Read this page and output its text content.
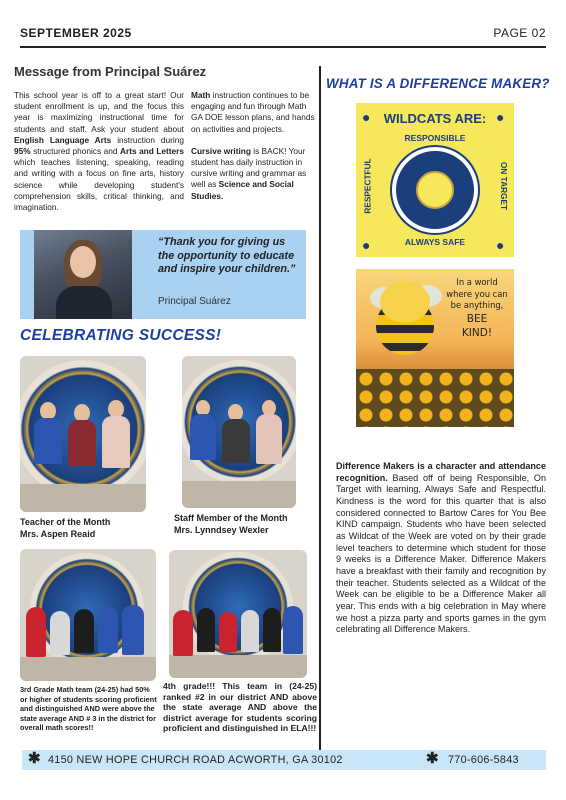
SEPTEMBER 2025	PAGE 02
Message from Principal Suárez
This school year is off to a great start! Our student enrollment is up, and the focus this year is maximizing instructional time for students and staff. Ask your student about English Language Arts instruction during 95% structured phonics and Arts and Letters which teaches listening, speaking, reading and writing with a focus on fine arts, history science while developing student's comprehension skills, critical thinking, and imagination.

Math instruction continues to be engaging and fun through Math GA DOE lesson plans, and hands on activities and projects.

Cursive writing is BACK! Your student has daily instruction in cursive writing and grammar as well as Science and Social Studies.

“Thank you for giving us the opportunity to educate and inspire your children.”
Principal Suárez
CELEBRATING SUCCESS!
Teacher of the Month
Mrs. Aspen Reaid
Staff Member of the Month
Mrs. Lynndsey Wexler
3rd Grade Math team (24-25) had 50% or higher of students scoring proficient and distinguished AND were above the state average AND # 3 in the district for overall math scores!!
4th grade!!! This team in (24-25) ranked #2 in our district AND above the state average AND above the district average for students scoring proficient and distinguished in ELA!!!
WHAT IS A DIFFERENCE MAKER?
●	●
●	●
WILDCATS ARE:
RESPONSIBLE
RESPECTFUL	ON TARGET
ALWAYS SAFE
In a world
where you can
be anything,
BEE
KIND!
Difference Makers is a character and attendance recognition. Based off of being Responsible, On Target with learning, Always Safe and Respectful. Kindness is the word for this quarter that is also considered connected to Bartow Cares for You Bee KIND campaign. Students who have been selected as Wildcat of the Week are voted on by their grade level teachers to determine which student for those 9 weeks is a Difference Maker. Difference Makers have a breakfast with their family and recognition by their teacher. Students selected as a Wildcat of the Week can be eligible to be a Difference Maker all year. This ends with a big celebration in May where we host a pizza party and sports games in the gym celebrating all Difference Makers.
✱ 4150 NEW HOPE CHURCH ROAD ACWORTH, GA 30102	✱ 770-606-5843
